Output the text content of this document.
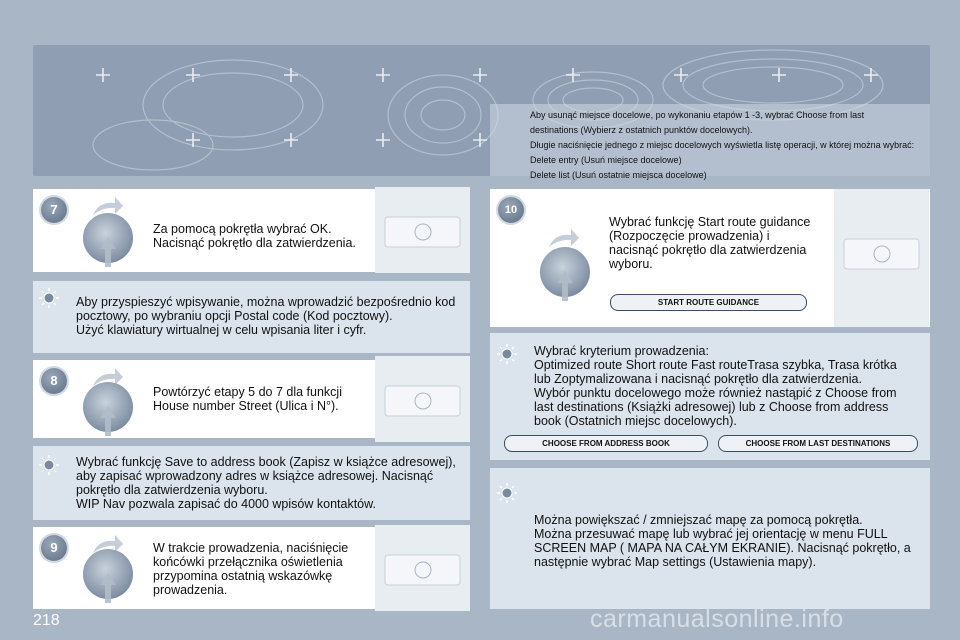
Aby usunąć miejsce docelowe, po wykonaniu etapów 1 -3, wybrać Choose from last

destinations (Wybierz z ostatnich punktów docelowych).

Długie naciśnięcie jednego z miejsc docelowych wyświetla listę operacji, w której można wybrać:

Delete entry (Usuń miejsce docelowe)

Delete list (Usuń ostatnie miejsca docelowe)

7

Za pomocą pokrętła wybrać OK.

Nacisnąć pokrętło dla zatwierdzenia.

Aby przyspieszyć wpisywanie, można wprowadzić bezpośrednio kod

pocztowy, po wybraniu opcji Postal code (Kod pocztowy).

Użyć klawiatury wirtualnej w celu wpisania liter i cyfr.

8

Powtórzyć etapy 5 do 7 dla funkcji

House number Street (Ulica i N°).

Wybrać funkcję Save to address book (Zapisz w książce adresowej),

aby zapisać wprowadzony adres w książce adresowej. Nacisnąć

pokrętło dla zatwierdzenia wyboru.

WIP Nav pozwala zapisać do 4000 wpisów kontaktów.

9	W trakcie prowadzenia, naciśnięcie

końcówki przełącznika oświetlenia

przypomina ostatnią wskazówkę

prowadzenia.

10

Wybrać funkcję Start route guidance

(Rozpoczęcie prowadzenia) i

nacisnąć pokrętło dla zatwierdzenia

wyboru.

START ROUTE GUIDANCE

Wybrać kryterium prowadzenia:

Optimized route Short route Fast routeTrasa szybka, Trasa krótka

lub Zoptymalizowana i nacisnąć pokrętło dla zatwierdzenia.

Wybór punktu docelowego może również nastąpić z Choose from

last destinations (Książki adresowej) lub z Choose from address

book (Ostatnich miejsc docelowych).

CHOOSE FROM ADDRESS BOOK	CHOOSE FROM LAST DESTINATIONS

Można powiększać / zmniejszać mapę za pomocą pokrętła.

Można przesuwać mapę lub wybrać jej orientację w menu FULL

SCREEN MAP ( MAPA NA CAŁYM EKRANIE). Nacisnąć pokrętło, a

następnie wybrać Map settings (Ustawienia mapy).

218	carmanualsonline.info
